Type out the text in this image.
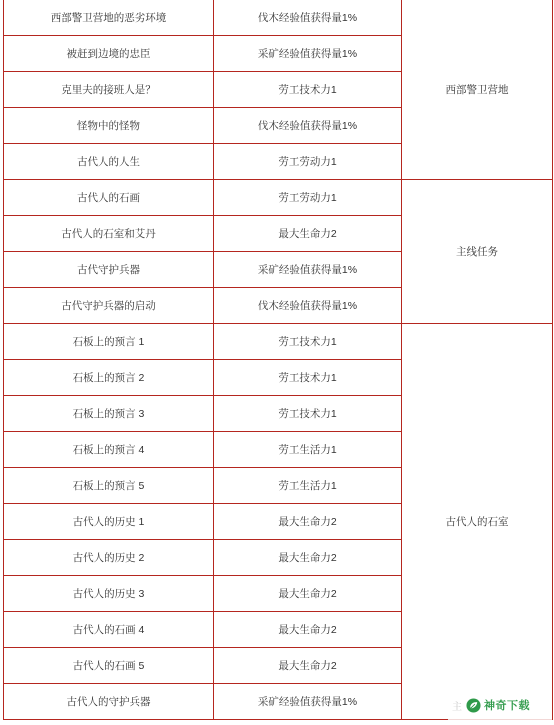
西部警卫营地的恶劣环境	伐木经验值获得量1%	西部警卫营地
被赶到边境的忠臣	采矿经验值获得量1%	
克里夫的接班人是？	劳工技术力1	
怪物中的怪物	伐木经验值获得量1%	
古代人的人生	劳工劳动力1	
古代人的石画	劳工劳动力1	主线任务
古代人的石室和艾丹	最大生命力2	
古代守护兵器	采矿经验值获得量1%	
古代守护兵器的启动	伐木经验值获得量1%	
石板上的预言 1	劳工技术力1	古代人的石室
石板上的预言 2	劳工技术力1	
石板上的预言 3	劳工技术力1	
石板上的预言 4	劳工生活力1	
石板上的预言 5	劳工生活力1	
古代人的历史 1	最大生命力2	
古代人的历史 2	最大生命力2	
古代人的历史 3	最大生命力2	
古代人的石画 4	最大生命力2	
古代人的石画 5	最大生命力2	
古代人的守护兵器	采矿经验值获得量1%		主 神奇下载
